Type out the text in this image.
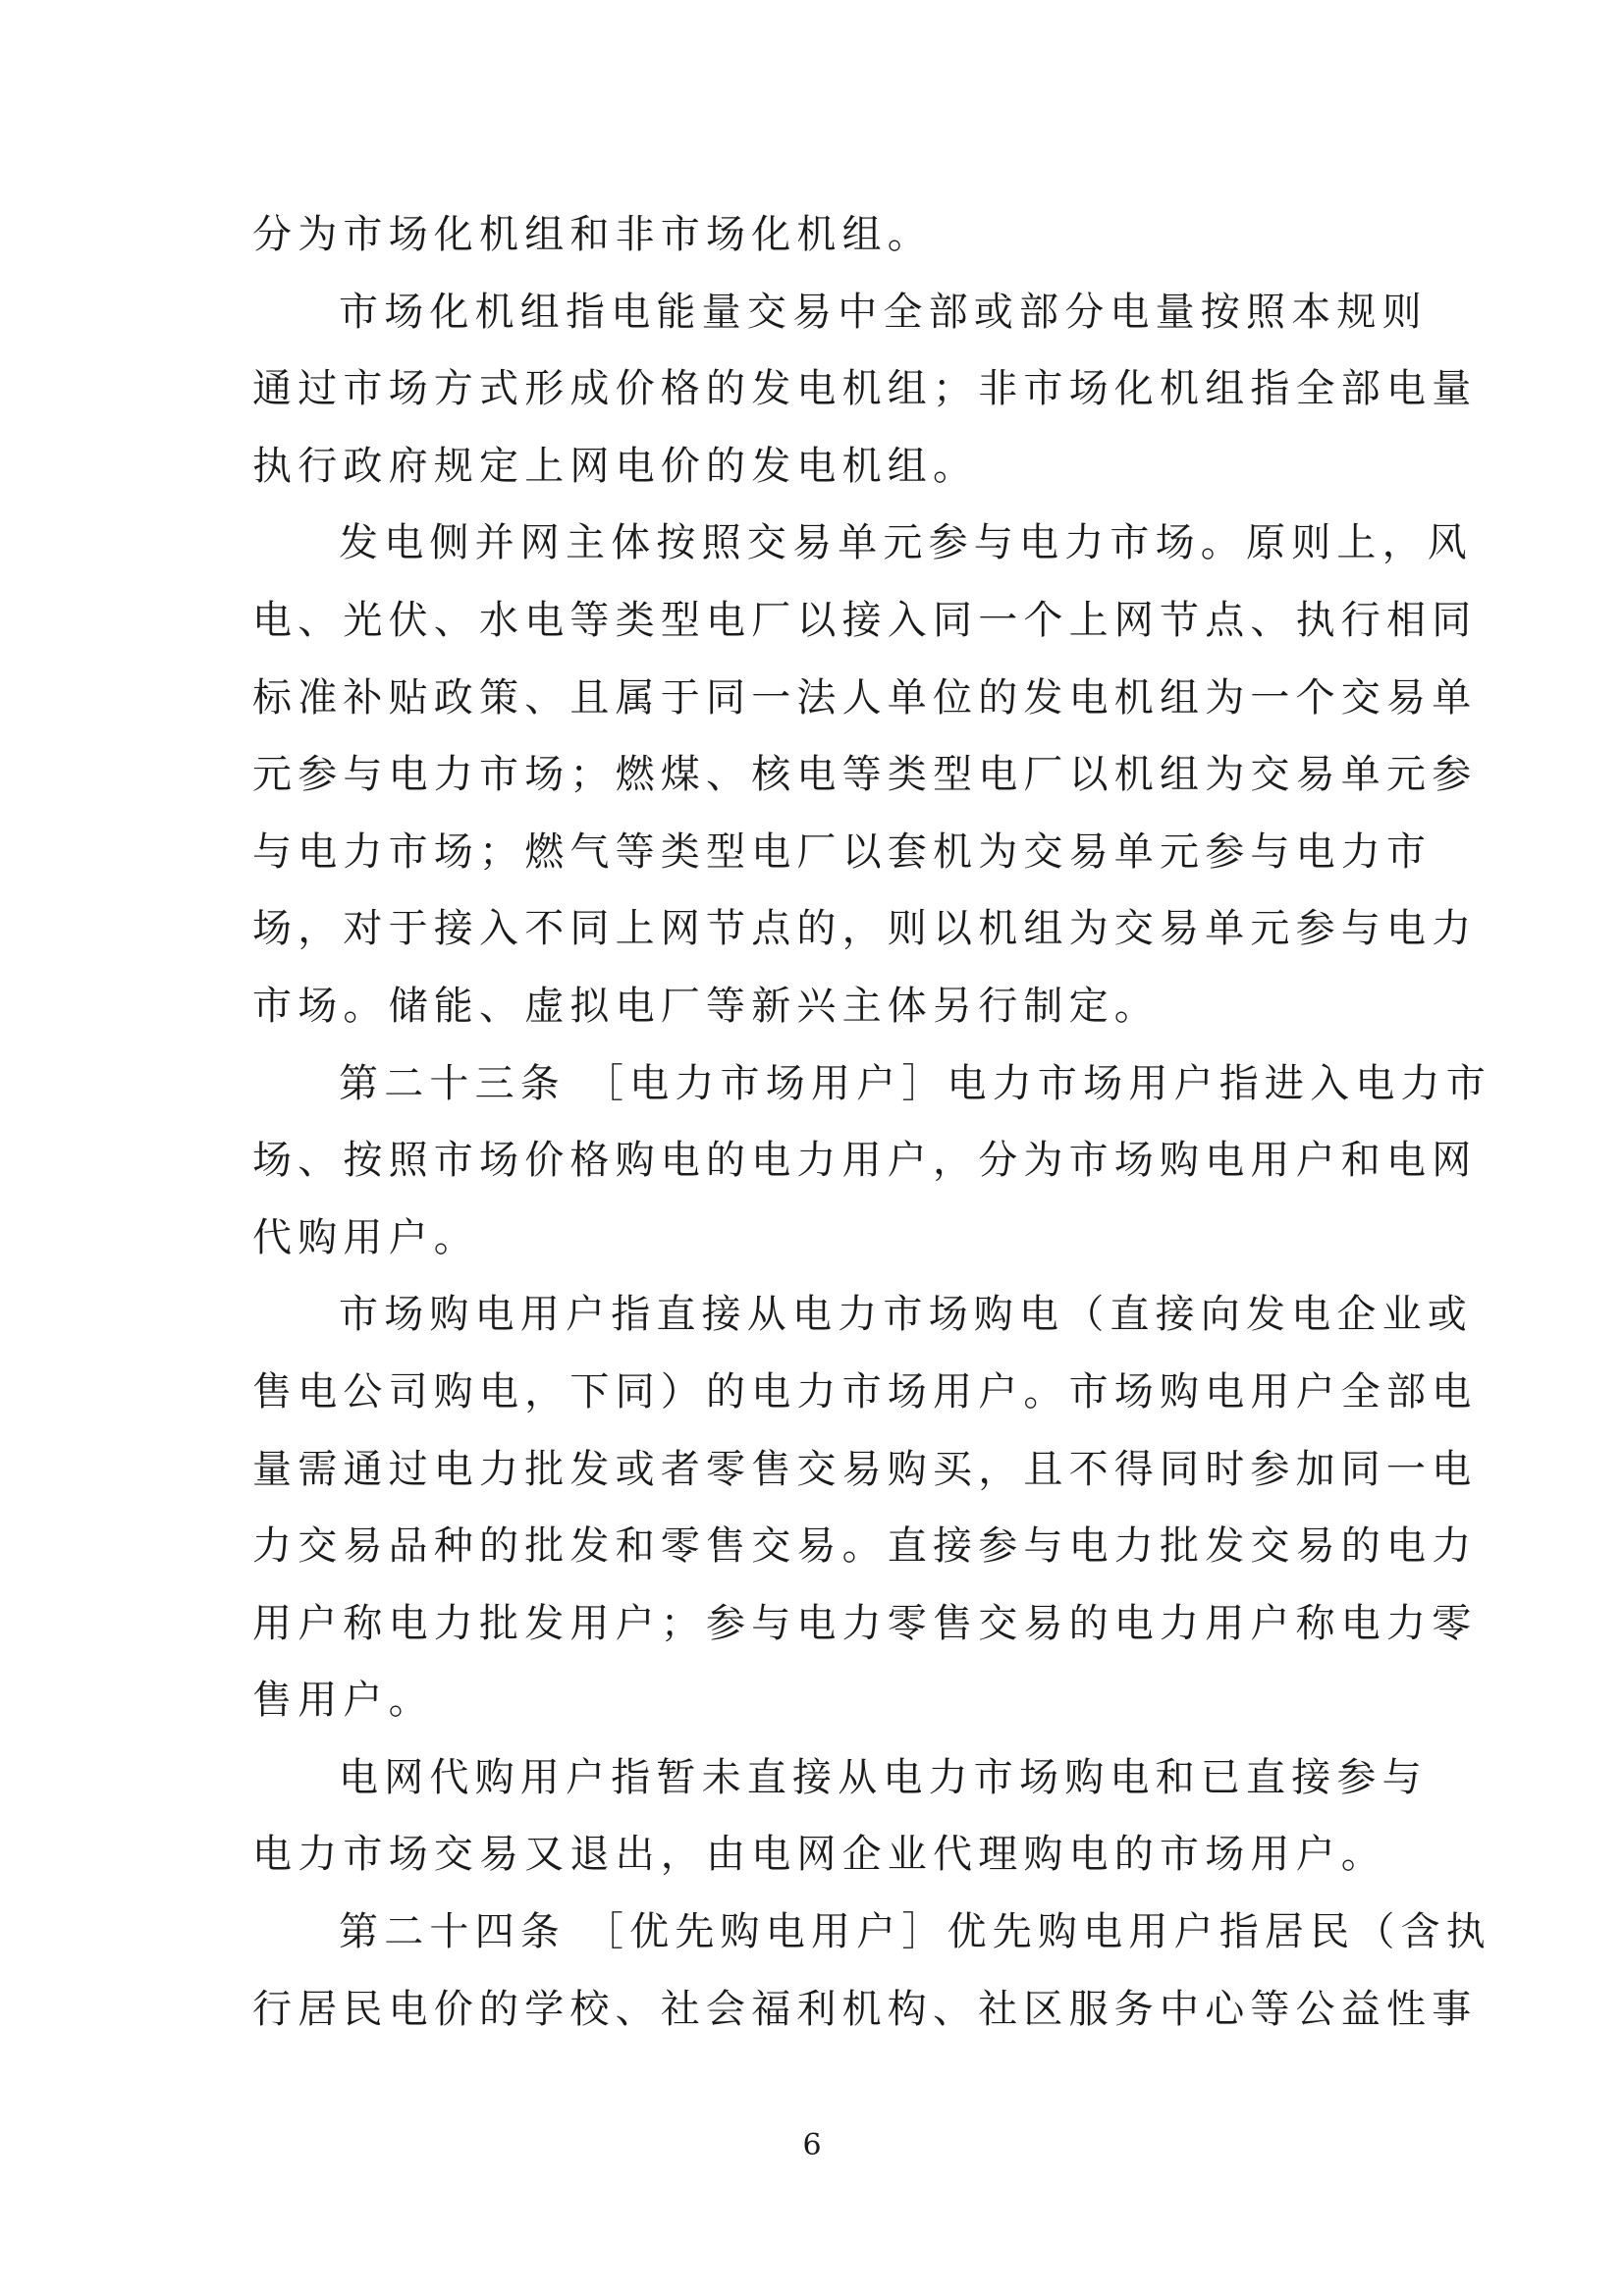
分为市场化机组和非市场化机组。
市场化机组指电能量交易中全部或部分电量按照本规则
通过市场方式形成价格的发电机组；非市场化机组指全部电量
执行政府规定上网电价的发电机组。
发电侧并网主体按照交易单元参与电力市场。原则上，风
电、光伏、水电等类型电厂以接入同一个上网节点、执行相同
标准补贴政策、且属于同一法人单位的发电机组为一个交易单
元参与电力市场；燃煤、核电等类型电厂以机组为交易单元参
与电力市场；燃气等类型电厂以套机为交易单元参与电力市
场，对于接入不同上网节点的，则以机组为交易单元参与电力
市场。储能、虚拟电厂等新兴主体另行制定。
第二十三条 ［电力市场用户］电力市场用户指进入电力市
场、按照市场价格购电的电力用户，分为市场购电用户和电网
代购用户。
市场购电用户指直接从电力市场购电（直接向发电企业或
售电公司购电，下同）的电力市场用户。市场购电用户全部电
量需通过电力批发或者零售交易购买，且不得同时参加同一电
力交易品种的批发和零售交易。直接参与电力批发交易的电力
用户称电力批发用户；参与电力零售交易的电力用户称电力零
售用户。
电网代购用户指暂未直接从电力市场购电和已直接参与
电力市场交易又退出，由电网企业代理购电的市场用户。
第二十四条 ［优先购电用户］优先购电用户指居民（含执
行居民电价的学校、社会福利机构、社区服务中心等公益性事
6
